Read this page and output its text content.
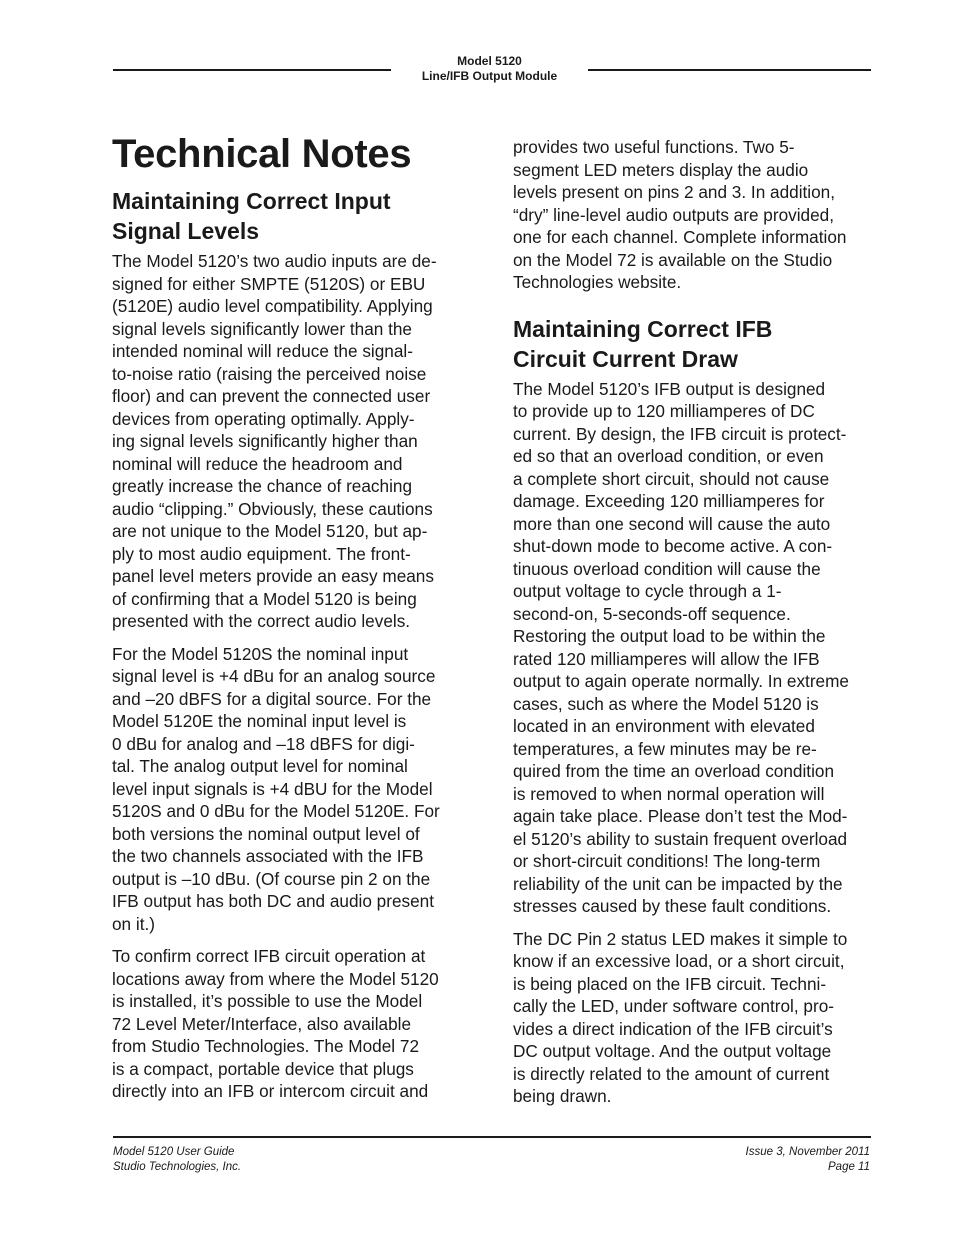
Model 5120
Line/IFB Output Module
Technical Notes
Maintaining Correct Input
Signal Levels

The Model 5120’s two audio inputs are de-
signed for either SMPTE (5120S) or EBU
(5120E) audio level compatibility. Applying
signal levels significantly lower than the
intended nominal will reduce the signal-
to-noise ratio (raising the perceived noise
floor) and can prevent the connected user
devices from operating optimally. Apply-
ing signal levels significantly higher than
nominal will reduce the headroom and
greatly increase the chance of reaching
audio “clipping.” Obviously, these cautions
are not unique to the Model 5120, but ap-
ply to most audio equipment. The front-
panel level meters provide an easy means
of confirming that a Model 5120 is being
presented with the correct audio levels.

For the Model 5120S the nominal input
signal level is +4 dBu for an analog source
and –20 dBFS for a digital source. For the
Model 5120E the nominal input level is
0 dBu for analog and –18 dBFS for digi-
tal. The analog output level for nominal
level input signals is +4 dBU for the Model
5120S and 0 dBu for the Model 5120E. For
both versions the nominal output level of
the two channels associated with the IFB
output is –10 dBu. (Of course pin 2 on the
IFB output has both DC and audio present
on it.)

To confirm correct IFB circuit operation at
locations away from where the Model 5120
is installed, it’s possible to use the Model
72 Level Meter/Interface, also available
from Studio Technologies. The Model 72
is a compact, portable device that plugs
directly into an IFB or intercom circuit and

provides two useful functions. Two 5-
segment LED meters display the audio
levels present on pins 2 and 3. In addition,
“dry” line-level audio outputs are provided,
one for each channel. Complete information
on the Model 72 is available on the Studio
Technologies website.

Maintaining Correct IFB
Circuit Current Draw

The Model 5120’s IFB output is designed
to provide up to 120 milliamperes of DC
current. By design, the IFB circuit is protect-
ed so that an overload condition, or even
a complete short circuit, should not cause
damage. Exceeding 120 milliamperes for
more than one second will cause the auto
shut-down mode to become active. A con-
tinuous overload condition will cause the
output voltage to cycle through a 1-
second-on, 5-seconds-off sequence.
Restoring the output load to be within the
rated 120 milliamperes will allow the IFB
output to again operate normally. In extreme
cases, such as where the Model 5120 is
located in an environment with elevated
temperatures, a few minutes may be re-
quired from the time an overload condition
is removed to when normal operation will
again take place. Please don’t test the Mod-
el 5120’s ability to sustain frequent overload
or short-circuit conditions! The long-term
reliability of the unit can be impacted by the
stresses caused by these fault conditions.

The DC Pin 2 status LED makes it simple to
know if an excessive load, or a short circuit,
is being placed on the IFB circuit. Techni-
cally the LED, under software control, pro-
vides a direct indication of the IFB circuit’s
DC output voltage. And the output voltage
is directly related to the amount of current
being drawn.

Model 5120 User Guide
Studio Technologies, Inc.
Issue 3, November 2011
Page 11
